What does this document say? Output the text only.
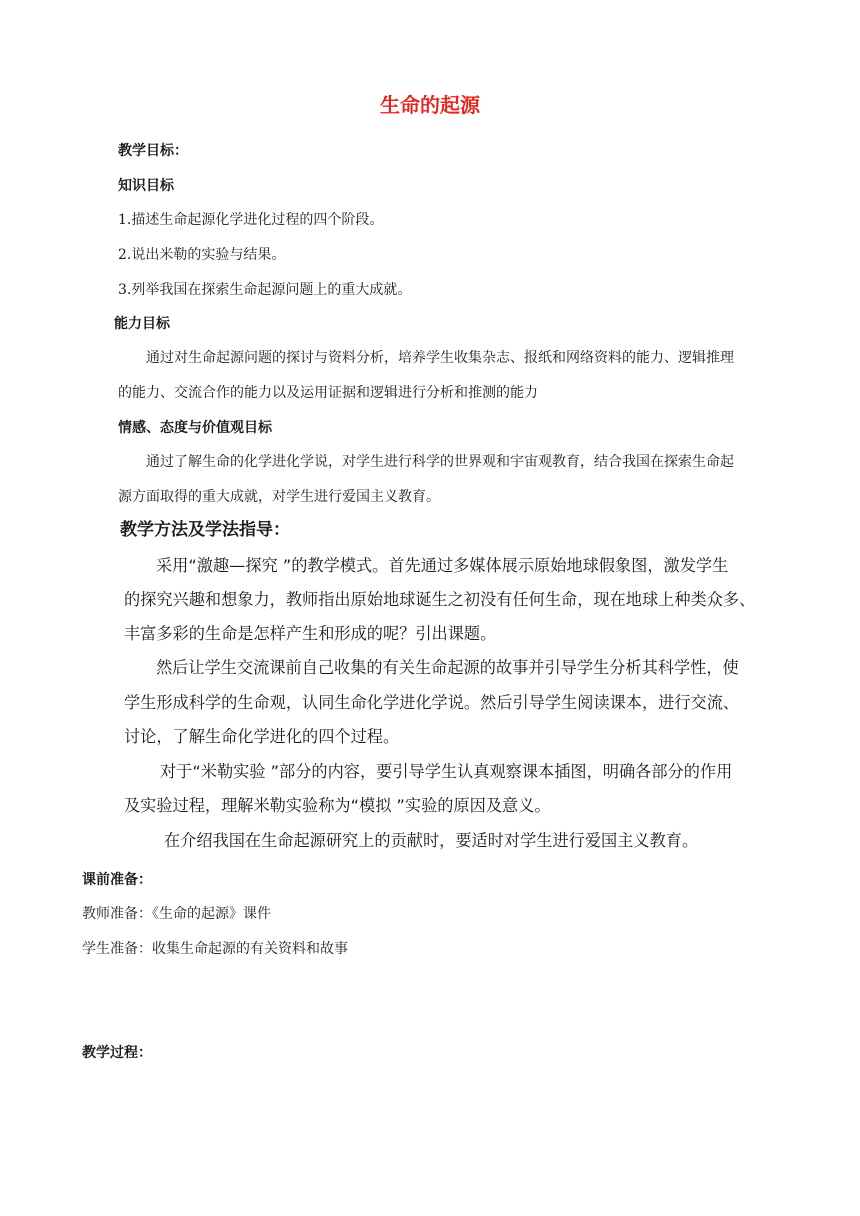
生命的起源
教学目标：
知识目标
1.描述生命起源化学进化过程的四个阶段。
2.说出米勒的实验与结果。
3.列举我国在探索生命起源问题上的重大成就。
能力目标
通过对生命起源问题的探讨与资料分析，培养学生收集杂志、报纸和网络资料的能力、逻辑推理
的能力、交流合作的能力以及运用证据和逻辑进行分析和推测的能力
情感、态度与价值观目标
通过了解生命的化学进化学说，对学生进行科学的世界观和宇宙观教育，结合我国在探索生命起
源方面取得的重大成就，对学生进行爱国主义教育。
教学方法及学法指导：
采用“激趣—探究 ”的教学模式。首先通过多媒体展示原始地球假象图，激发学生
的探究兴趣和想象力，教师指出原始地球诞生之初没有任何生命，现在地球上种类众多、
丰富多彩的生命是怎样产生和形成的呢？引出课题。
然后让学生交流课前自己收集的有关生命起源的故事并引导学生分析其科学性，使
学生形成科学的生命观，认同生命化学进化学说。然后引导学生阅读课本，进行交流、
讨论，了解生命化学进化的四个过程。
对于“米勒实验 ”部分的内容，要引导学生认真观察课本插图，明确各部分的作用
及实验过程，理解米勒实验称为“模拟 ”实验的原因及意义。
在介绍我国在生命起源研究上的贡献时，要适时对学生进行爱国主义教育。
课前准备：
教师准备：《生命的起源》课件
学生准备：收集生命起源的有关资料和故事
教学过程：
